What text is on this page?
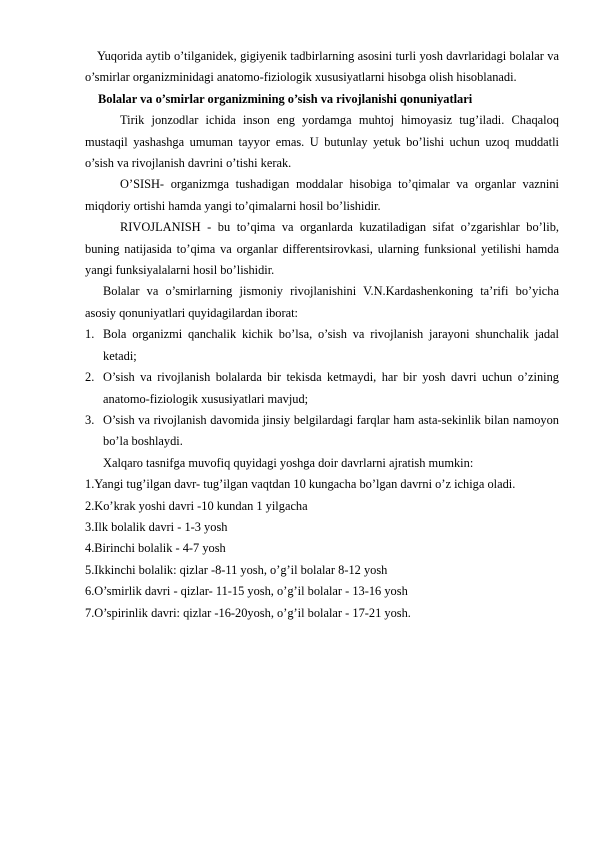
Yuqorida aytib o’tilganidek, gigiyenik tadbirlarning asosini turli yosh davrlaridagi bolalar va o’smirlar organizminidagi anatomo-fiziologik xususiyatlarni hisobga olish hisoblanadi.

Bolalar va o’smirlar organizmining o’sish va rivojlanishi qonuniyatlari

Tirik jonzodlar ichida inson eng yordamga muhtoj himoyasiz tug’iladi. Chaqaloq mustaqil yashashga umuman tayyor emas. U butunlay yetuk bo’lishi uchun uzoq muddatli o’sish va rivojlanish davrini o’tishi kerak.

O’SISH- organizmga tushadigan moddalar hisobiga to’qimalar va organlar vaznini miqdoriy ortishi hamda yangi to’qimalarni hosil bo’lishidir.

RIVOJLANISH - bu to’qima va organlarda kuzatiladigan sifat o’zgarishlar bo’lib, buning natijasida to’qima va organlar differentsirovkasi, ularning funksional yetilishi hamda yangi funksiyalalarni hosil bo’lishidir.

Bolalar va o’smirlarning jismoniy rivojlanishini V.N.Kardashenkoning ta’rifi bo’yicha asosiy qonuniyatlari quyidagilardan iborat:

1. Bola organizmi qanchalik kichik bo’lsa, o’sish va rivojlanish jarayoni shunchalik jadal ketadi;
2. O’sish va rivojlanish bolalarda bir tekisda ketmaydi, har bir yosh davri uchun o’zining anatomo-fiziologik xususiyatlari mavjud;
3. O’sish va rivojlanish davomida jinsiy belgilardagi farqlar ham asta-sekinlik bilan namoyon bo’la boshlaydi.

Xalqaro tasnifga muvofiq quyidagi yoshga doir davrlarni ajratish mumkin:

1.Yangi tug’ilgan davr- tug’ilgan vaqtdan 10 kungacha bo’lgan davrni o’z ichiga oladi.
2.Ko’krak yoshi davri -10 kundan 1 yilgacha
3.Ilk bolalik davri - 1-3 yosh
4.Birinchi bolalik - 4-7 yosh
5.Ikkinchi bolalik: qizlar -8-11 yosh, o’g’il bolalar 8-12 yosh
6.O’smirlik davri - qizlar- 11-15 yosh, o’g’il bolalar - 13-16 yosh
7.O’spirinlik davri: qizlar -16-20yosh, o’g’il bolalar - 17-21 yosh.
